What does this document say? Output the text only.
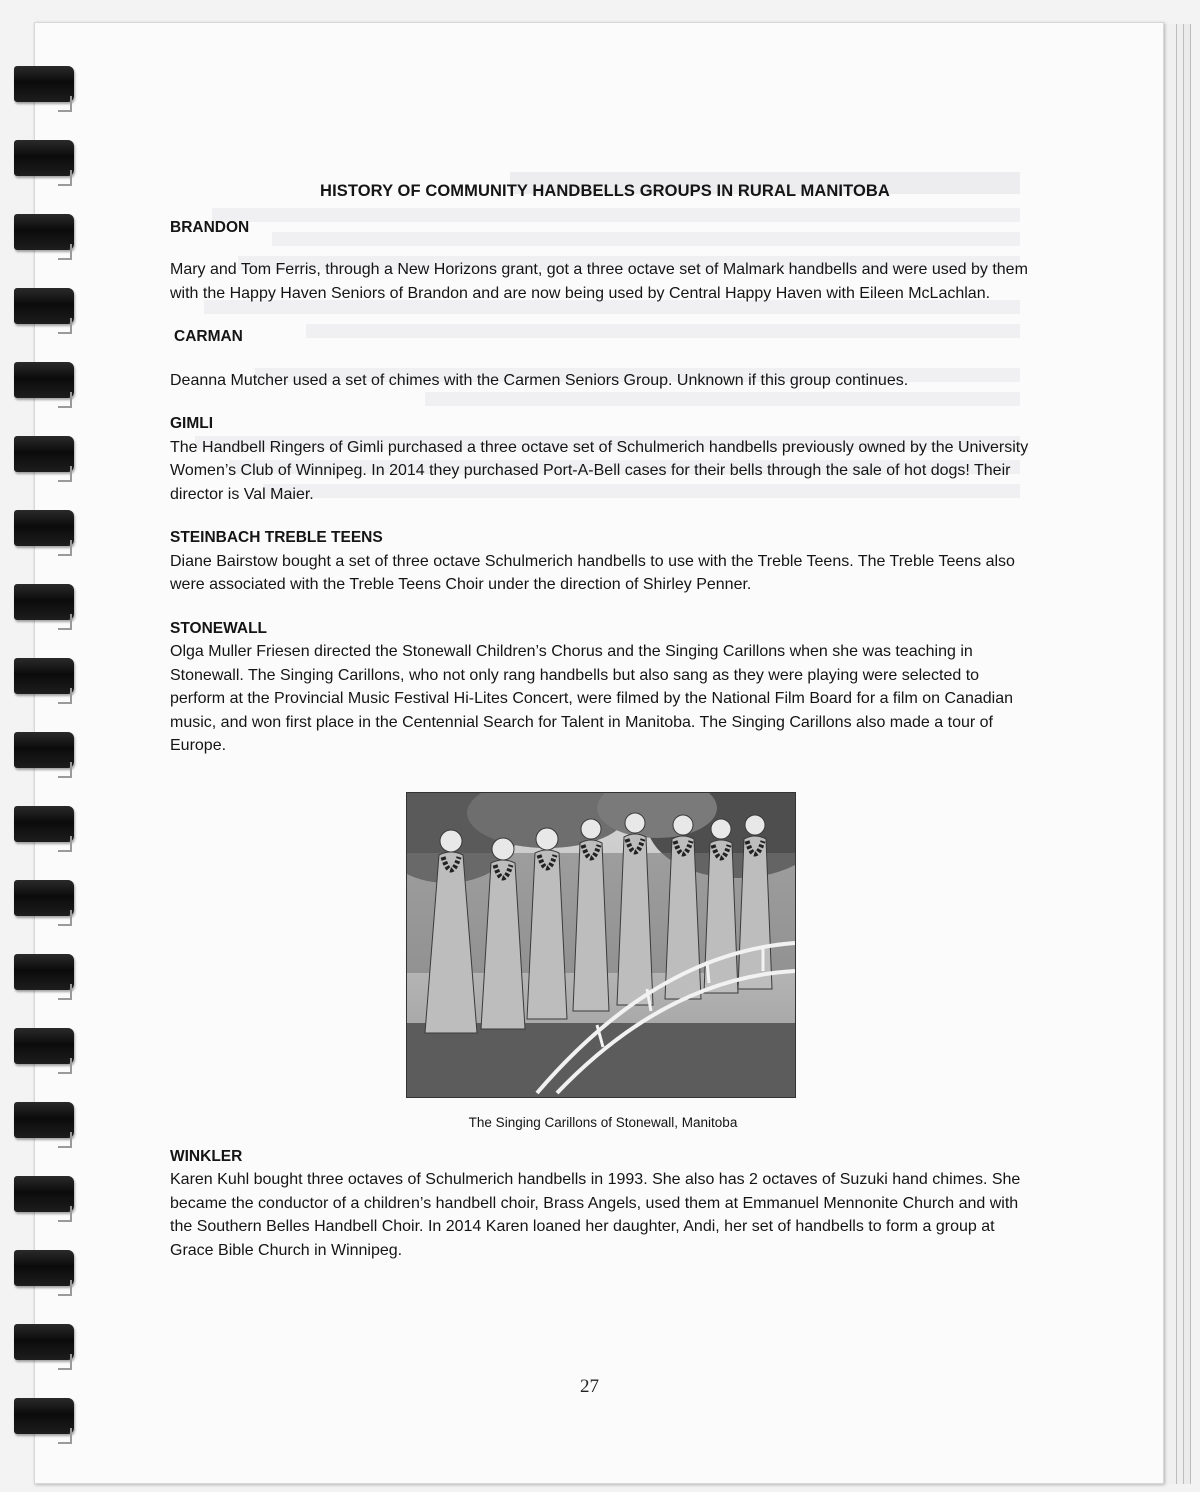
HISTORY OF COMMUNITY HANDBELLS GROUPS IN RURAL MANITOBA

BRANDON

Mary and Tom Ferris, through a New Horizons grant, got a three octave set of Malmark handbells and were used by them with the Happy Haven Seniors of Brandon and are now being used by Central Happy Haven with Eileen McLachlan.

CARMAN

Deanna Mutcher used a set of chimes with the Carmen Seniors Group. Unknown if this group continues.

GIMLI

The Handbell Ringers of Gimli purchased a three octave set of Schulmerich handbells previously owned by the University Women’s Club of Winnipeg. In 2014 they purchased Port-A-Bell cases for their bells through the sale of hot dogs! Their director is Val Maier.

STEINBACH TREBLE TEENS

Diane Bairstow bought a set of three octave Schulmerich handbells to use with the Treble Teens. The Treble Teens also were associated with the Treble Teens Choir under the direction of Shirley Penner.

STONEWALL

Olga Muller Friesen directed the Stonewall Children’s Chorus and the Singing Carillons when she was teaching in Stonewall. The Singing Carillons, who not only rang handbells but also sang as they were playing were selected to perform at the Provincial Music Festival Hi-Lites Concert, were filmed by the National Film Board for a film on Canadian music, and won first place in the Centennial Search for Talent in Manitoba. The Singing Carillons also made a tour of Europe.

The Singing Carillons of Stonewall, Manitoba

WINKLER

Karen Kuhl bought three octaves of Schulmerich handbells in 1993. She also has 2 octaves of Suzuki hand chimes. She became the conductor of a children’s handbell choir, Brass Angels, used them at Emmanuel Mennonite Church and with the Southern Belles Handbell Choir. In 2014 Karen loaned her daughter, Andi, her set of handbells to form a group at Grace Bible Church in Winnipeg.

27
